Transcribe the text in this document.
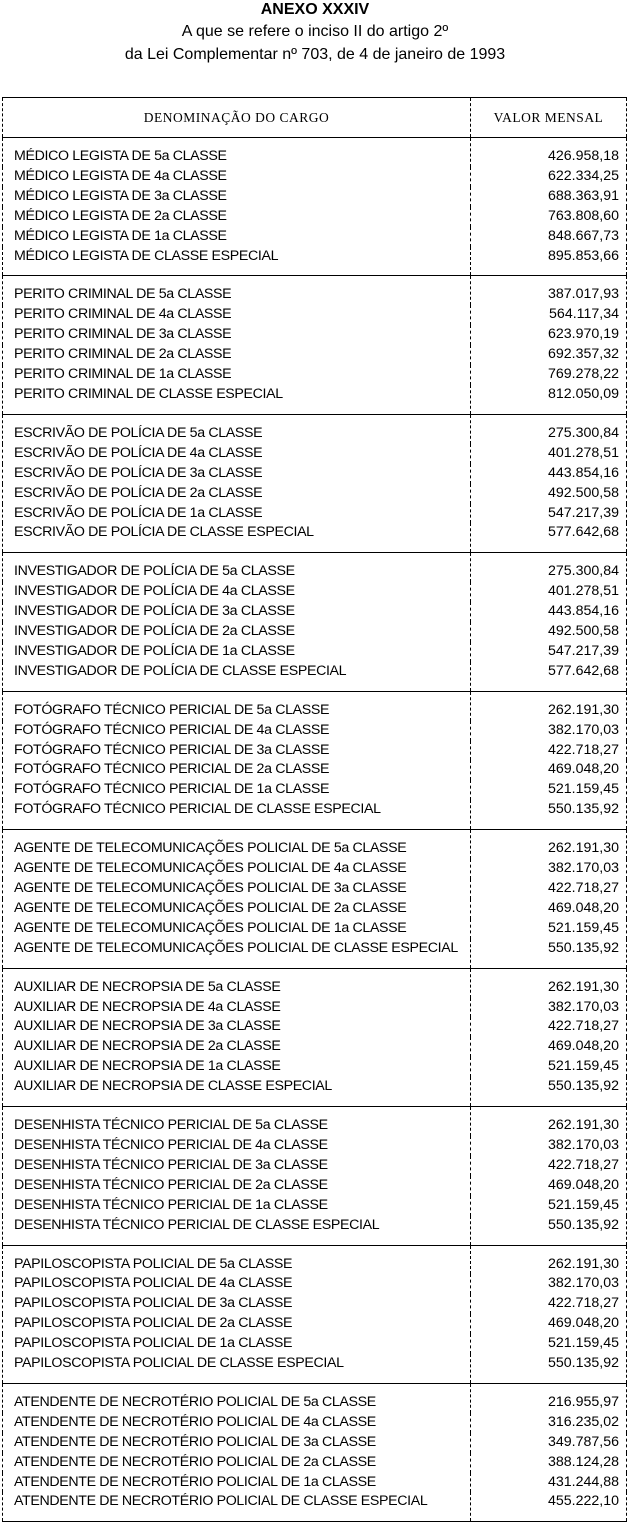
ANEXO XXXIV
A que se refere o inciso II do artigo 2º
da Lei Complementar nº 703, de 4 de janeiro de 1993
DENOMINAÇÃO DO CARGO	VALOR MENSAL
MÉDICO LEGISTA DE 5a CLASSE	426.958,18
MÉDICO LEGISTA DE 4a CLASSE	622.334,25
MÉDICO LEGISTA DE 3a CLASSE	688.363,91
MÉDICO LEGISTA DE 2a CLASSE	763.808,60
MÉDICO LEGISTA DE 1a CLASSE	848.667,73
MÉDICO LEGISTA DE CLASSE ESPECIAL	895.853,66
PERITO CRIMINAL DE 5a CLASSE	387.017,93
PERITO CRIMINAL DE 4a CLASSE	564.117,34
PERITO CRIMINAL DE 3a CLASSE	623.970,19
PERITO CRIMINAL DE 2a CLASSE	692.357,32
PERITO CRIMINAL DE 1a CLASSE	769.278,22
PERITO CRIMINAL DE CLASSE ESPECIAL	812.050,09
ESCRIVÃO DE POLÍCIA DE 5a CLASSE	275.300,84
ESCRIVÃO DE POLÍCIA DE 4a CLASSE	401.278,51
ESCRIVÃO DE POLÍCIA DE 3a CLASSE	443.854,16
ESCRIVÃO DE POLÍCIA DE 2a CLASSE	492.500,58
ESCRIVÃO DE POLÍCIA DE 1a CLASSE	547.217,39
ESCRIVÃO DE POLÍCIA DE CLASSE ESPECIAL	577.642,68
INVESTIGADOR DE POLÍCIA DE 5a CLASSE	275.300,84
INVESTIGADOR DE POLÍCIA DE 4a CLASSE	401.278,51
INVESTIGADOR DE POLÍCIA DE 3a CLASSE	443.854,16
INVESTIGADOR DE POLÍCIA DE 2a CLASSE	492.500,58
INVESTIGADOR DE POLÍCIA DE 1a CLASSE	547.217,39
INVESTIGADOR DE POLÍCIA DE CLASSE ESPECIAL	577.642,68
FOTÓGRAFO TÉCNICO PERICIAL DE 5a CLASSE	262.191,30
FOTÓGRAFO TÉCNICO PERICIAL DE 4a CLASSE	382.170,03
FOTÓGRAFO TÉCNICO PERICIAL DE 3a CLASSE	422.718,27
FOTÓGRAFO TÉCNICO PERICIAL DE 2a CLASSE	469.048,20
FOTÓGRAFO TÉCNICO PERICIAL DE 1a CLASSE	521.159,45
FOTÓGRAFO TÉCNICO PERICIAL DE CLASSE ESPECIAL	550.135,92
AGENTE DE TELECOMUNICAÇÕES POLICIAL DE 5a CLASSE	262.191,30
AGENTE DE TELECOMUNICAÇÕES POLICIAL DE 4a CLASSE	382.170,03
AGENTE DE TELECOMUNICAÇÕES POLICIAL DE 3a CLASSE	422.718,27
AGENTE DE TELECOMUNICAÇÕES POLICIAL DE 2a CLASSE	469.048,20
AGENTE DE TELECOMUNICAÇÕES POLICIAL DE 1a CLASSE	521.159,45
AGENTE DE TELECOMUNICAÇÕES POLICIAL DE CLASSE ESPECIAL	550.135,92
AUXILIAR DE NECROPSIA DE 5a CLASSE	262.191,30
AUXILIAR DE NECROPSIA DE 4a CLASSE	382.170,03
AUXILIAR DE NECROPSIA DE 3a CLASSE	422.718,27
AUXILIAR DE NECROPSIA DE 2a CLASSE	469.048,20
AUXILIAR DE NECROPSIA DE 1a CLASSE	521.159,45
AUXILIAR DE NECROPSIA DE CLASSE ESPECIAL	550.135,92
DESENHISTA TÉCNICO PERICIAL DE 5a CLASSE	262.191,30
DESENHISTA TÉCNICO PERICIAL DE 4a CLASSE	382.170,03
DESENHISTA TÉCNICO PERICIAL DE 3a CLASSE	422.718,27
DESENHISTA TÉCNICO PERICIAL DE 2a CLASSE	469.048,20
DESENHISTA TÉCNICO PERICIAL DE 1a CLASSE	521.159,45
DESENHISTA TÉCNICO PERICIAL DE CLASSE ESPECIAL	550.135,92
PAPILOSCOPISTA POLICIAL DE 5a CLASSE	262.191,30
PAPILOSCOPISTA POLICIAL DE 4a CLASSE	382.170,03
PAPILOSCOPISTA POLICIAL DE 3a CLASSE	422.718,27
PAPILOSCOPISTA POLICIAL DE 2a CLASSE	469.048,20
PAPILOSCOPISTA POLICIAL DE 1a CLASSE	521.159,45
PAPILOSCOPISTA POLICIAL DE CLASSE ESPECIAL	550.135,92
ATENDENTE DE NECROTÉRIO POLICIAL DE 5a CLASSE	216.955,97
ATENDENTE DE NECROTÉRIO POLICIAL DE 4a CLASSE	316.235,02
ATENDENTE DE NECROTÉRIO POLICIAL DE 3a CLASSE	349.787,56
ATENDENTE DE NECROTÉRIO POLICIAL DE 2a CLASSE	388.124,28
ATENDENTE DE NECROTÉRIO POLICIAL DE 1a CLASSE	431.244,88
ATENDENTE DE NECROTÉRIO POLICIAL DE CLASSE ESPECIAL	455.222,10
